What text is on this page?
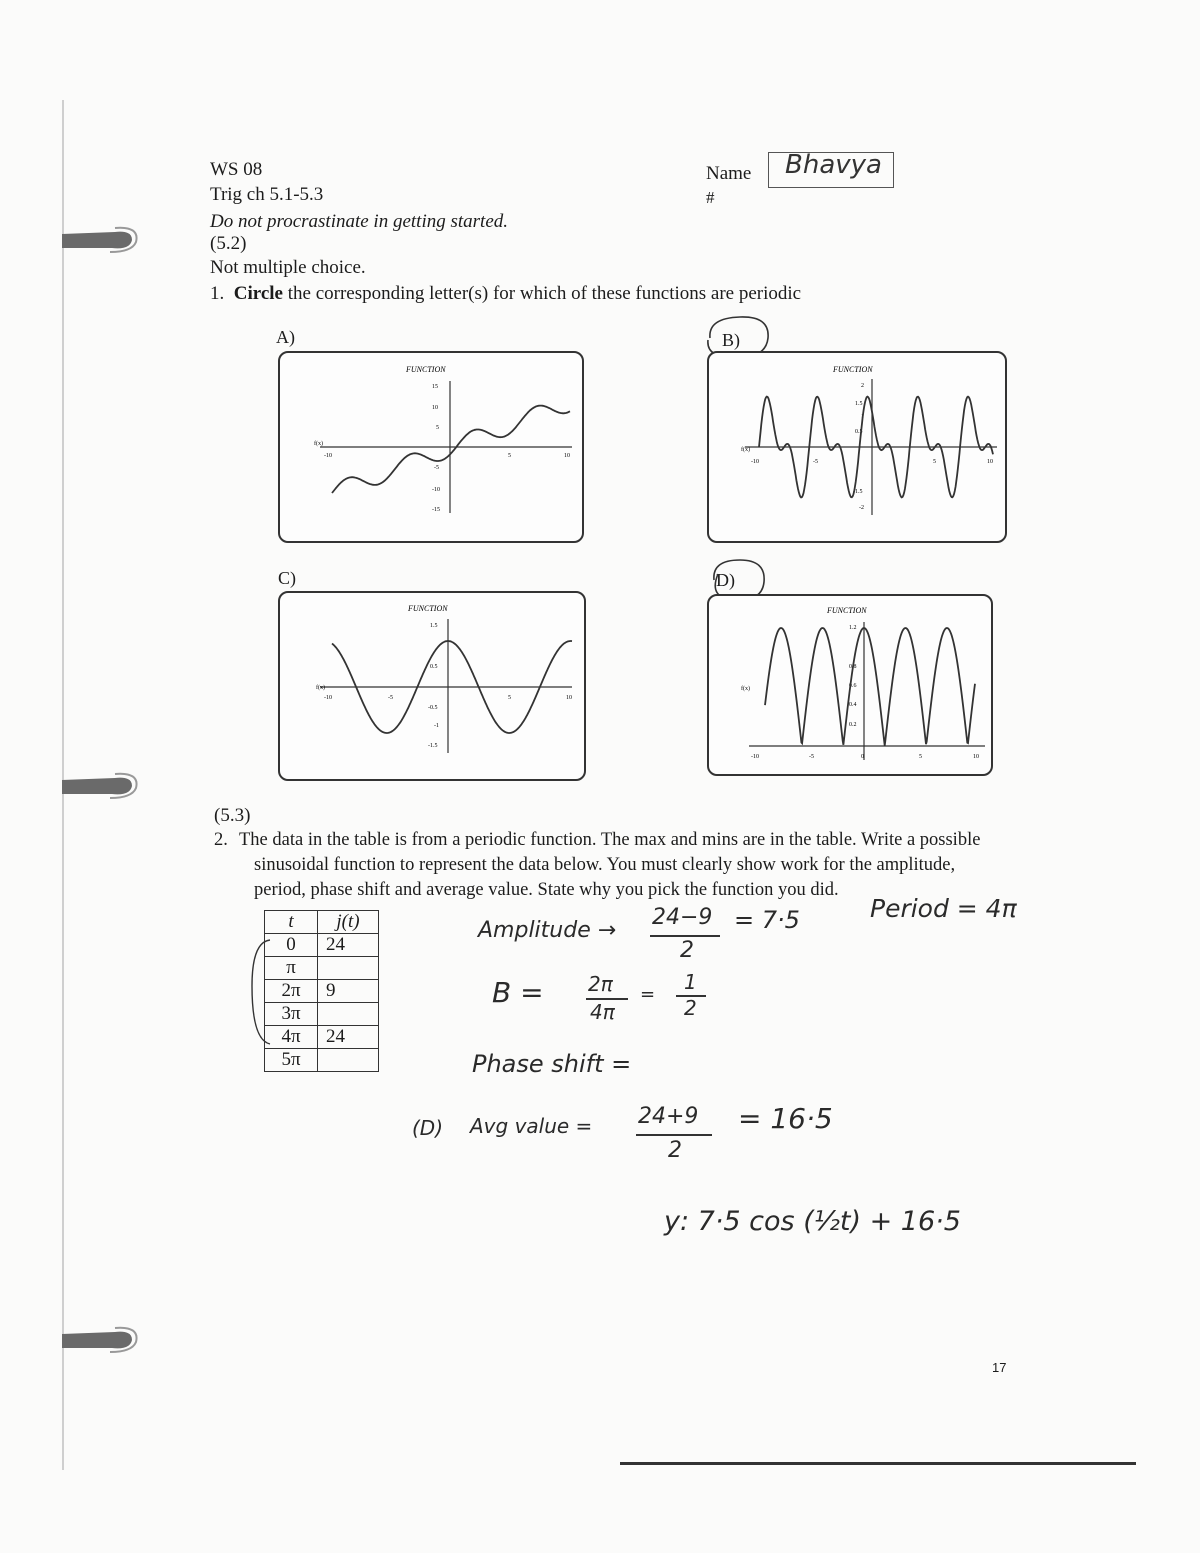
WS 08
Trig ch 5.1-5.3
Do not procrastinate in getting started.
(5.2)
Not multiple choice.
Name
#
Bhavya
1. Circle the corresponding letter(s) for which of these functions are periodic
A)	B)
C)	D)
FUNCTION
f(x)
-10	5	10
15
10
5
-5
-10
-15
FUNCTION
f(x)
-10	-5	5	10
2
1.5
1
0.5
-1.5
-2
FUNCTION
f(x)
-10	-5	5	10
1.5
0.5
-0.5
-1
-1.5
FUNCTION
f(x)
-10	-5	0	5	10
1.2
0.8
0.6
0.4
0.2
(5.3)
2. The data in the table is from a periodic function. The max and mins are in the table. Write a possible
sinusoidal function to represent the data below. You must clearly show work for the amplitude,
period, phase shift and average value. State why you pick the function you did.
t	j(t)
0	24
π	
2π	9
3π	
4π	24
5π	
Amplitude →
24−9
2
= 7·5	Period = 4π
B = 2π
4π
=
1
2
Phase shift =
(D) Avg value = 24+9
2
= 16·5
y: 7·5 cos (½t) + 16·5
17
